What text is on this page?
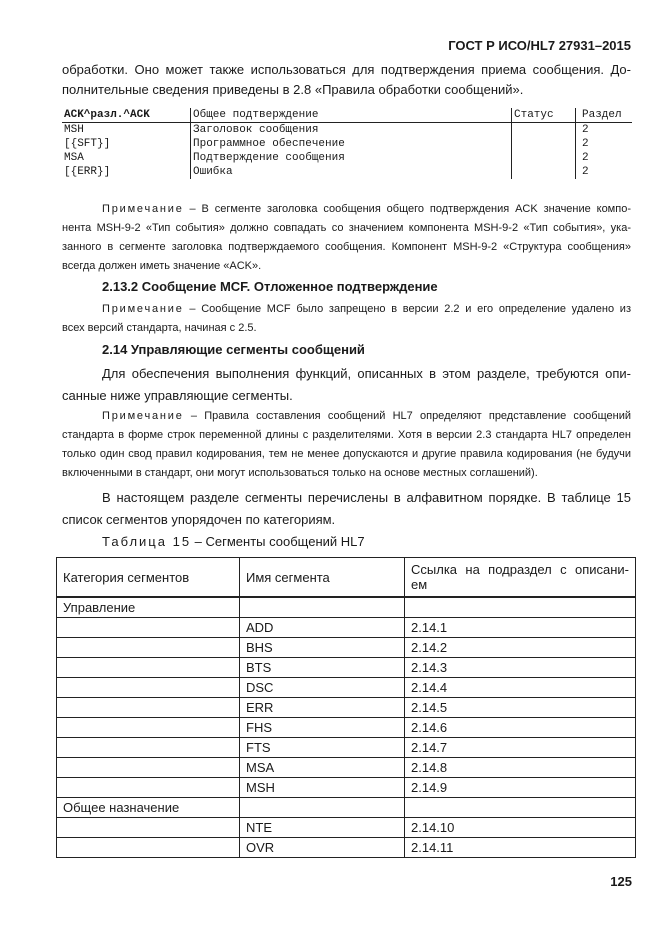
ГОСТ Р ИСО/HL7 27931–2015
обработки. Оно может также использоваться для подтверждения приема сообщения. До-
полнительные сведения приведены в 2.8 «Правила обработки сообщений».
ACK^разл.^ACK	Общее подтверждение	Статус	Раздел
MSH	Заголовок сообщения		2
[{SFT}]	Программное обеспечение		2
MSA	Подтверждение сообщения		2
[{ERR}]	Ошибка		2
Примечание – В сегменте заголовка сообщения общего подтверждения ACK значение компо-
нента MSH-9-2 «Тип события» должно совпадать со значением компонента MSH-9-2 «Тип события», ука-
занного в сегменте заголовка подтверждаемого сообщения. Компонент MSH-9-2 «Структура сообщения»
всегда должен иметь значение «ACK».
2.13.2 Сообщение MCF. Отложенное подтверждение
Примечание – Сообщение MCF было запрещено в версии 2.2 и его определение удалено из
всех версий стандарта, начиная с 2.5.
2.14 Управляющие сегменты сообщений
Для обеспечения выполнения функций, описанных в этом разделе, требуются опи-
санные ниже управляющие сегменты.
Примечание – Правила составления сообщений HL7 определяют представление сообщений
стандарта в форме строк переменной длины с разделителями. Хотя в версии 2.3 стандарта HL7 определен
только один свод правил кодирования, тем не менее допускаются и другие правила кодирования (не будучи
включенными в стандарт, они могут использоваться только на основе местных соглашений).
В настоящем разделе сегменты перечислены в алфавитном порядке. В таблице 15
список сегментов упорядочен по категориям.
Таблица 15 – Сегменты сообщений HL7
Категория сегментов	Имя сегмента	Ссылка на подраздел с описани-
ем

Управление		
	ADD	2.14.1
	BHS	2.14.2
	BTS	2.14.3
	DSC	2.14.4
	ERR	2.14.5
	FHS	2.14.6
	FTS	2.14.7
	MSA	2.14.8
	MSH	2.14.9
Общее назначение		
	NTE	2.14.10
	OVR	2.14.11
125
